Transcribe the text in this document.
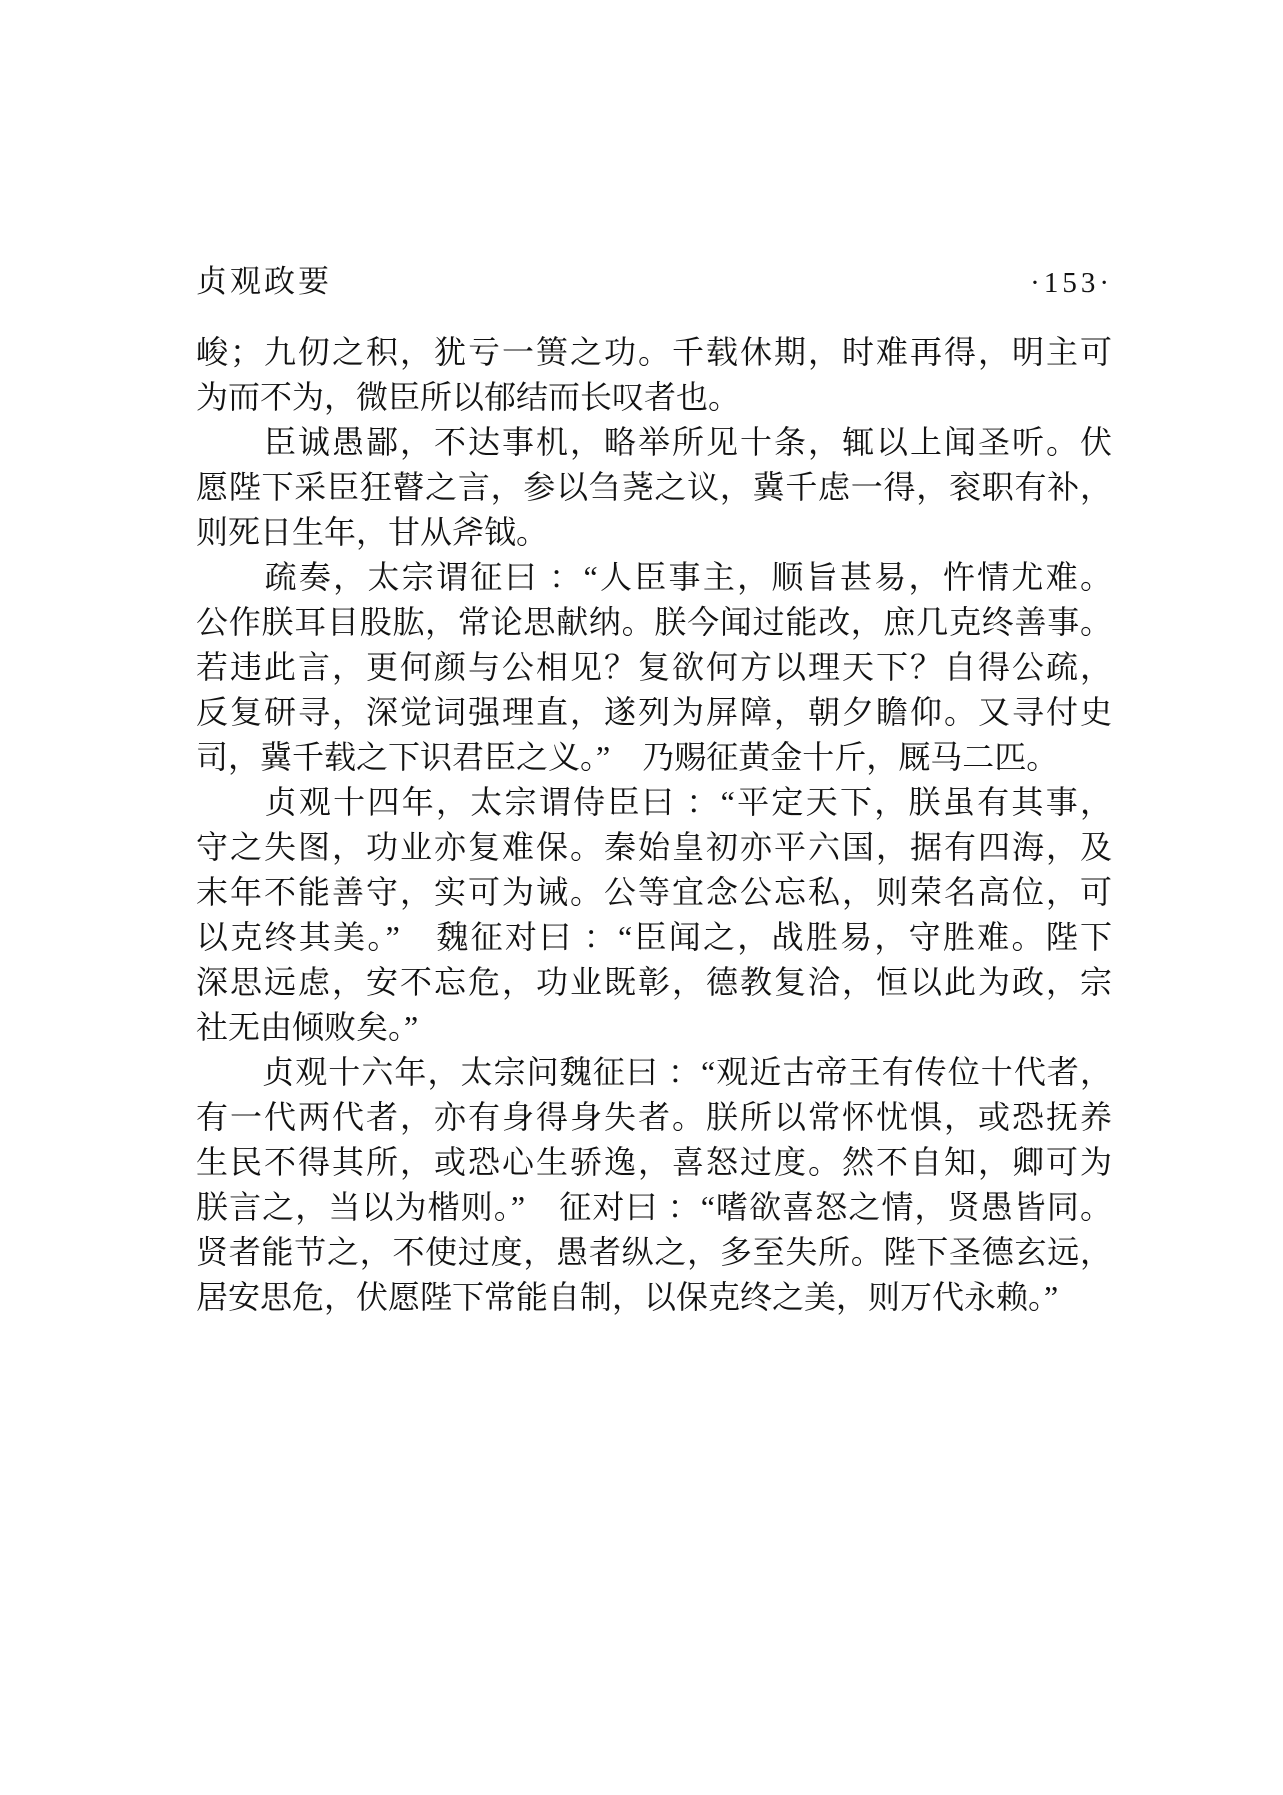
贞观政要	·153·
峻；九仞之积，犹亏一篑之功。千载休期，时难再得，明主可
为而不为，微臣所以郁结而长叹者也。
　　臣诚愚鄙，不达事机，略举所见十条，辄以上闻圣听。伏
愿陛下采臣狂瞽之言，参以刍荛之议，冀千虑一得，衮职有补，
则死日生年，甘从斧钺。
　　疏奏，太宗谓征曰 ：“人臣事主，顺旨甚易，忤情尤难。
公作朕耳目股肱，常论思献纳。朕今闻过能改，庶几克终善事。
若违此言，更何颜与公相见？复欲何方以理天下？自得公疏，
反复研寻，深觉词强理直，遂列为屏障，朝夕瞻仰。又寻付史
司，冀千载之下识君臣之义。”　乃赐征黄金十斤，厩马二匹。
　　贞观十四年，太宗谓侍臣曰 ：“平定天下，朕虽有其事，
守之失图，功业亦复难保。秦始皇初亦平六国，据有四海，及
末年不能善守，实可为诫。公等宜念公忘私，则荣名高位，可
以克终其美。”　魏征对曰 ：“臣闻之，战胜易，守胜难。陛下
深思远虑，安不忘危，功业既彰，德教复洽，恒以此为政，宗
社无由倾败矣。”
　　贞观十六年，太宗问魏征曰 ：“观近古帝王有传位十代者，
有一代两代者，亦有身得身失者。朕所以常怀忧惧，或恐抚养
生民不得其所，或恐心生骄逸，喜怒过度。然不自知，卿可为
朕言之，当以为楷则。”　征对曰 ：“嗜欲喜怒之情，贤愚皆同。
贤者能节之，不使过度，愚者纵之，多至失所。陛下圣德玄远，
居安思危，伏愿陛下常能自制，以保克终之美，则万代永赖。”
